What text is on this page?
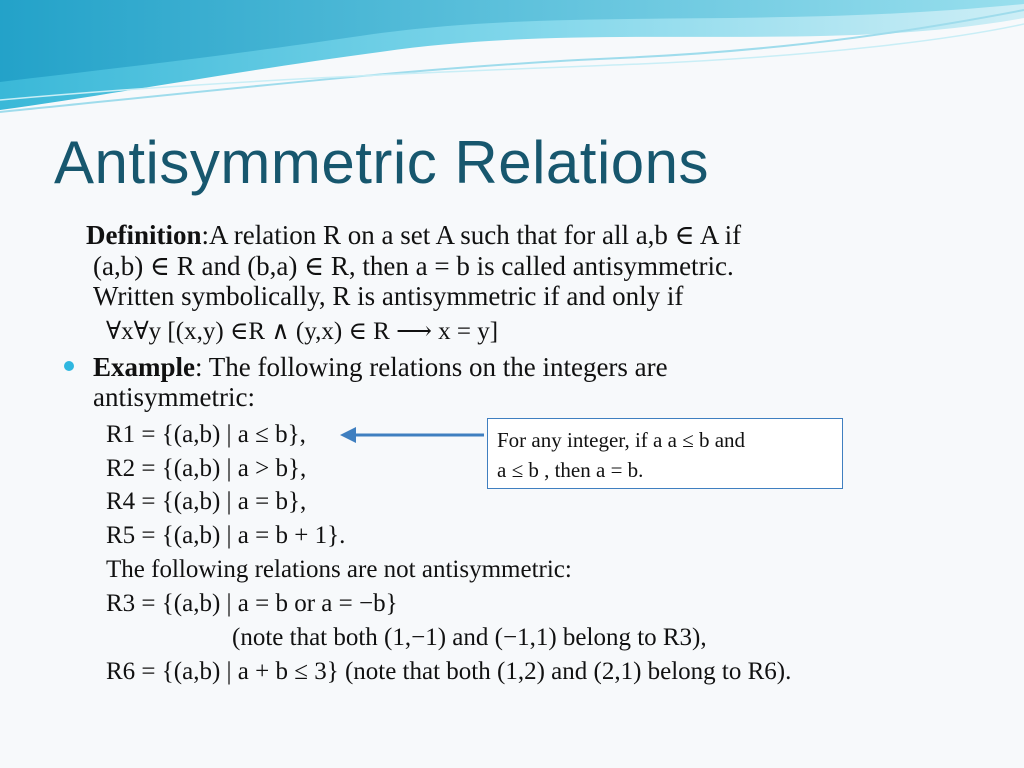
Antisymmetric Relations
Definition:A relation R on a set A such that for all a,b ∈ A if
(a,b) ∈ R and (b,a) ∈ R, then a = b is called antisymmetric.
Written symbolically, R is antisymmetric if and only if
∀x∀y [(x,y) ∈R ∧ (y,x) ∈ R ⟶ x = y]
Example: The following relations on the integers are
antisymmetric:
R1 = {(a,b) | a ≤ b},
R2 = {(a,b) | a > b},
R4 = {(a,b) | a = b},
R5 = {(a,b) | a = b + 1}.
The following relations are not antisymmetric:
R3 = {(a,b) | a = b or a = −b}
(note that both (1,−1) and (−1,1) belong to R3),
R6 = {(a,b) | a + b ≤ 3} (note that both (1,2) and (2,1) belong to R6).
For any integer, if a a ≤ b and
a ≤ b , then a = b.
